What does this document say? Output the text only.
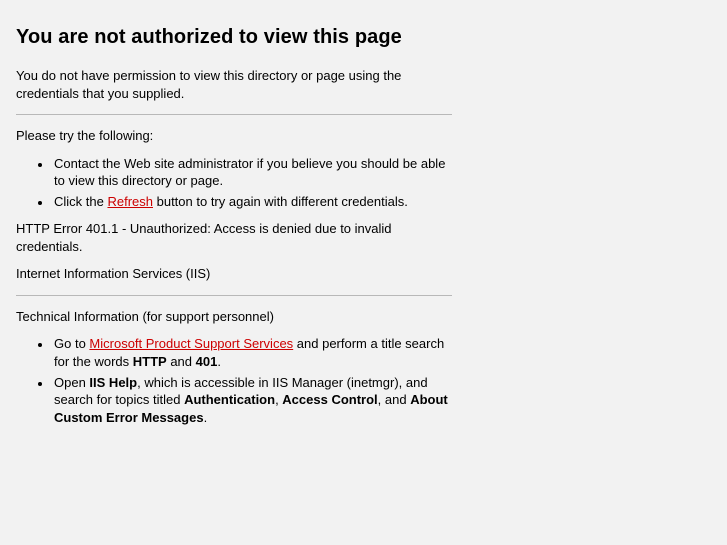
You are not authorized to view this page

You do not have permission to view this directory or page using the credentials that you supplied.

Please try the following:

• Contact the Web site administrator if you believe you should be able to view this directory or page.
• Click the Refresh button to try again with different credentials.

HTTP Error 401.1 - Unauthorized: Access is denied due to invalid credentials.

Internet Information Services (IIS)

Technical Information (for support personnel)

• Go to Microsoft Product Support Services and perform a title search for the words HTTP and 401.
• Open IIS Help, which is accessible in IIS Manager (inetmgr), and search for topics titled Authentication, Access Control, and About Custom Error Messages.
